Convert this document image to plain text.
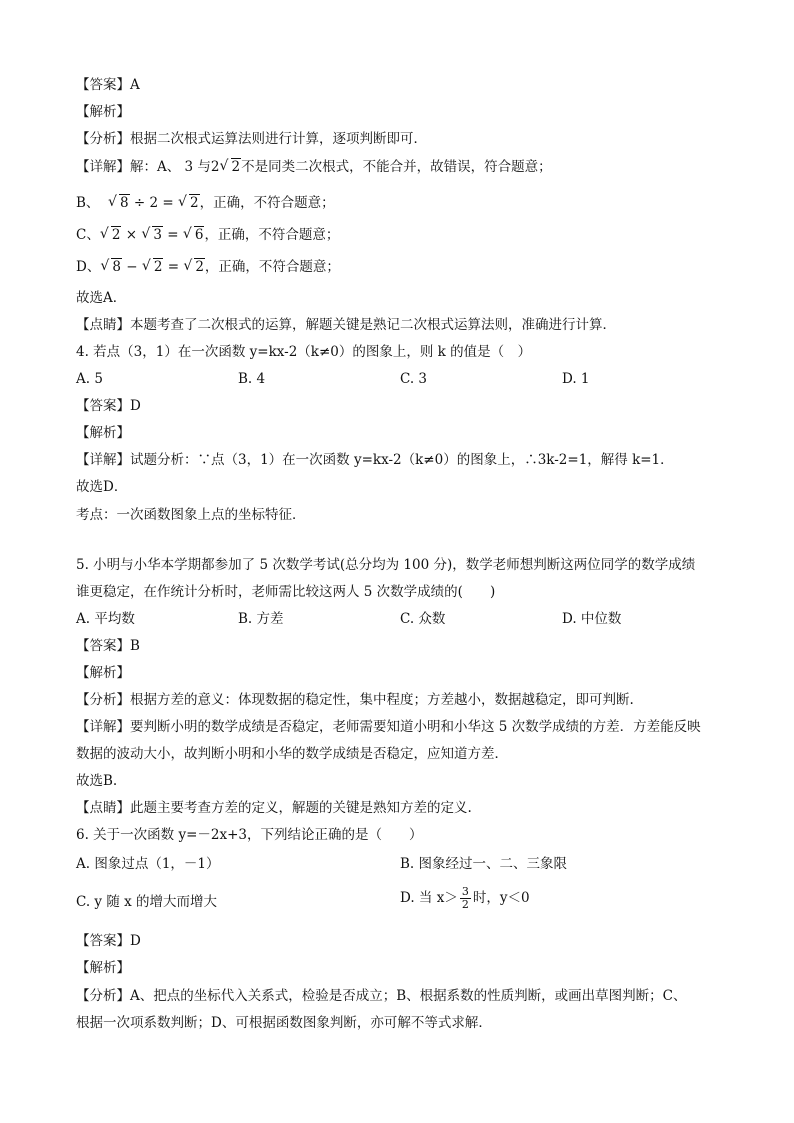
【答案】A
【解析】
【分析】根据二次根式运算法则进行计算，逐项判断即可．
【详解】解：A、 3 与2 √ 2不是同类二次根式，不能合并，故错误，符合题意；
B、 √ 8 ÷ 2 = √ 2，正确，不符合题意；
C、 √ 2 × √ 3 = √ 6，正确，不符合题意；
D、 √ 8 − √ 2 = √ 2，正确，不符合题意；
故选A．
【点睛】本题考查了二次根式的运算，解题关键是熟记二次根式运算法则，准确进行计算．
4. 若点（3，1）在一次函数 y=kx-2（k≠0）的图象上，则 k 的值是（　）
A. 5	B. 4	C. 3	D. 1
【答案】D
【解析】
【详解】试题分析：∵点（3，1）在一次函数 y=kx-2（k≠0）的图象上，∴3k-2=1，解得 k=1．
故选D．
考点：一次函数图象上点的坐标特征．
5. 小明与小华本学期都参加了 5 次数学考试(总分均为 100 分)，数学老师想判断这两位同学的数学成绩
谁更稳定，在作统计分析时，老师需比较这两人 5 次数学成绩的(　　)
A. 平均数	B. 方差	C. 众数	D. 中位数
【答案】B
【解析】
【分析】根据方差的意义：体现数据的稳定性，集中程度；方差越小，数据越稳定，即可判断.
【详解】要判断小明的数学成绩是否稳定，老师需要知道小明和小华这 5 次数学成绩的方差．方差能反映
数据的波动大小，故判断小明和小华的数学成绩是否稳定，应知道方差．
故选B.
【点睛】此题主要考查方差的定义，解题的关键是熟知方差的定义.
6. 关于一次函数 y=－2x+3，下列结论正确的是（　　）
A. 图象过点（1，－1）	B. 图象经过一、二、三象限
C. y 随 x 的增大而增大	D. 当 $x> \frac{3}{2}$ 时，y＜0
【答案】D
【解析】
【分析】A、把点的坐标代入关系式，检验是否成立；B、根据系数的性质判断，或画出草图判断；C、
根据一次项系数判断；D、可根据函数图象判断，亦可解不等式求解．
